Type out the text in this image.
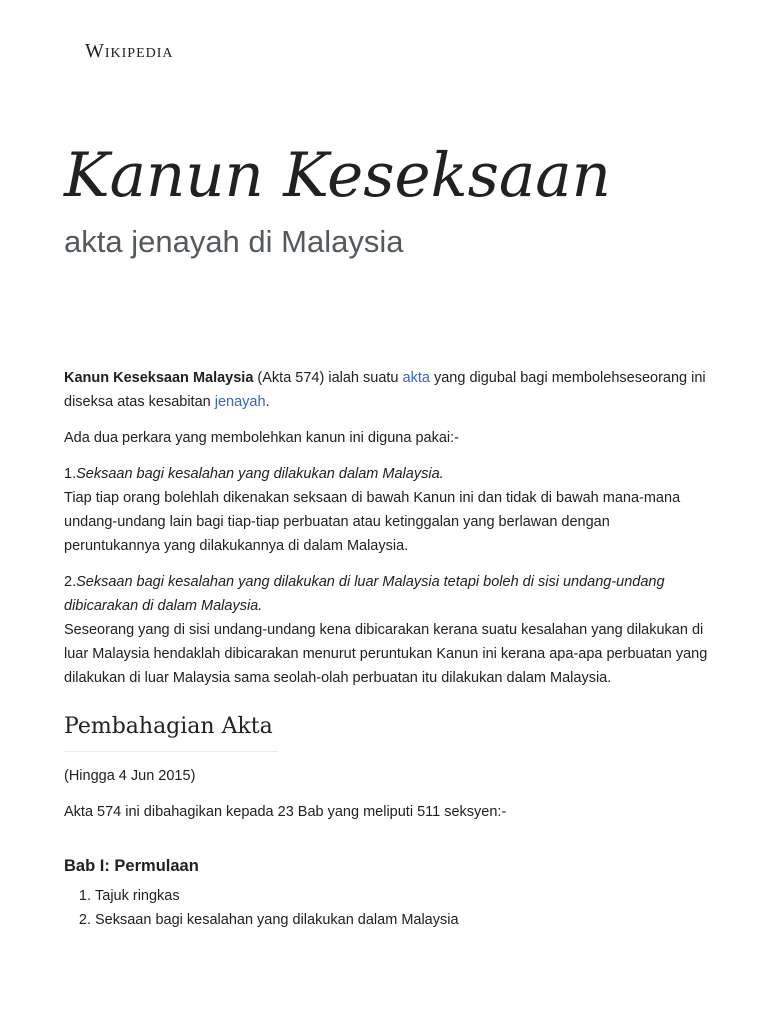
Wikipedia
Kanun Keseksaan
akta jenayah di Malaysia

Kanun Keseksaan Malaysia (Akta 574) ialah suatu akta yang digubal bagi membolehseseorang ini diseksa atas kesabitan jenayah.

Ada dua perkara yang membolehkan kanun ini diguna pakai:-

1.Seksaan bagi kesalahan yang dilakukan dalam Malaysia.
Tiap tiap orang bolehlah dikenakan seksaan di bawah Kanun ini dan tidak di bawah mana-mana undang-undang lain bagi tiap-tiap perbuatan atau ketinggalan yang berlawan dengan peruntukannya yang dilakukannya di dalam Malaysia.

2.Seksaan bagi kesalahan yang dilakukan di luar Malaysia tetapi boleh di sisi undang-undang dibicarakan di dalam Malaysia.
Seseorang yang di sisi undang-undang kena dibicarakan kerana suatu kesalahan yang dilakukan di luar Malaysia hendaklah dibicarakan menurut peruntukan Kanun ini kerana apa-apa perbuatan yang dilakukan di luar Malaysia sama seolah-olah perbuatan itu dilakukan dalam Malaysia.

Pembahagian Akta

(Hingga 4 Jun 2015)

Akta 574 ini dibahagikan kepada 23 Bab yang meliputi 511 seksyen:-

Bab I: Permulaan
1. Tajuk ringkas
2. Seksaan bagi kesalahan yang dilakukan dalam Malaysia
